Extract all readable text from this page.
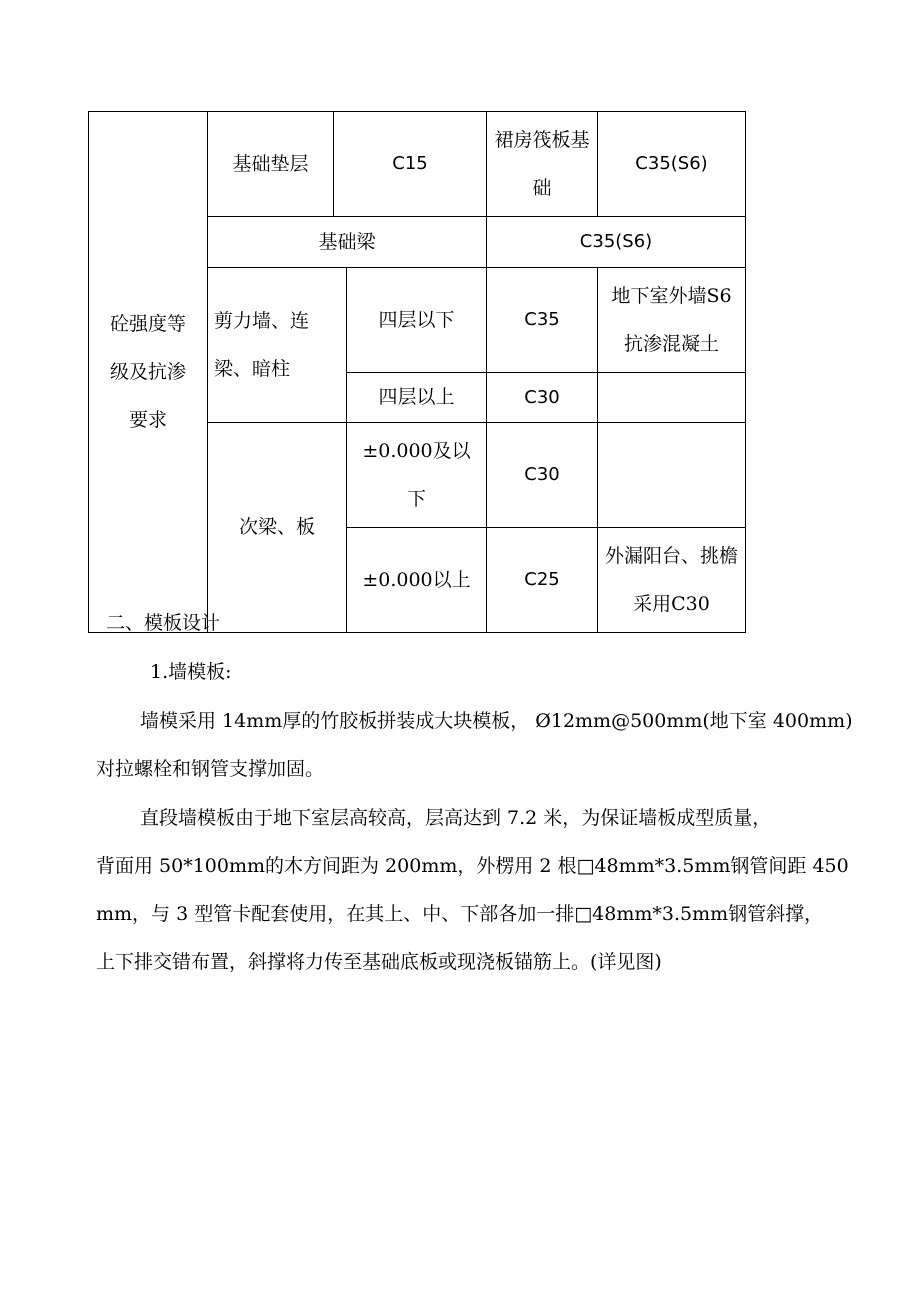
砼强度等级及抗渗要求	基础垫层	C15		裙房筏板基础	C35(S6)
	基础梁			C35(S6)	
	剪力墙、连梁、暗柱		四层以下	C35	地下室外墙S6抗渗混凝土
			四层以上	C30	
	次梁、板		±0.000及以下	C30	
			±0.000以上	C25	外漏阳台、挑檐采用C30
二、模板设计
1.墙模板:
墙模采用 14mm厚的竹胶板拼装成大块模板， Ø12mm@500mm(地下室 400mm)
对拉螺栓和钢管支撑加固。
直段墙模板由于地下室层高较高，层高达到 7.2 米，为保证墙板成型质量，
背面用 50*100mm的木方间距为 200mm，外楞用 2 根□48mm*3.5mm钢管间距 450
mm，与 3 型管卡配套使用，在其上、中、下部各加一排□48mm*3.5mm钢管斜撑，
上下排交错布置，斜撑将力传至基础底板或现浇板锚筋上。(详见图)
